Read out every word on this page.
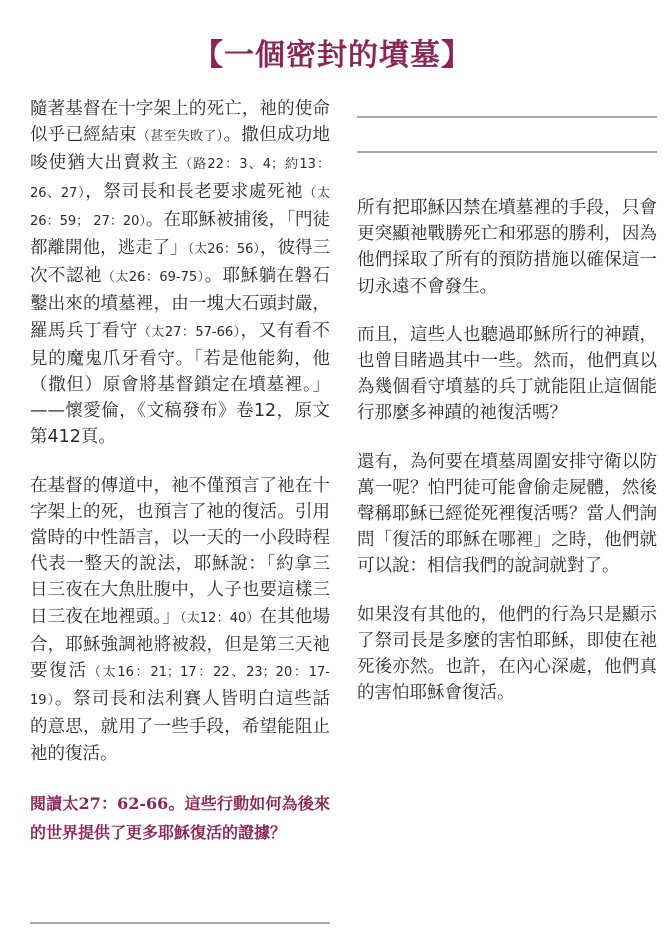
【一個密封的墳墓】

隨著基督在十字架上的死亡，祂的使命似乎已經結束（甚至失敗了）。撒但成功地唆使猶大出賣救主（路22：3、4；約13：26、27），祭司長和長老要求處死祂（太26：59； 27：20）。在耶穌被捕後，「門徒都離開他，逃走了」（太26：56），彼得三次不認祂（太26：69-75）。耶穌躺在磐石鑿出來的墳墓裡，由一塊大石頭封嚴，羅馬兵丁看守（太27：57-66），又有看不見的魔鬼爪牙看守。「若是他能夠，他（撒但）原會將基督鎖定在墳墓裡。」——懷愛倫，《文稿發布》卷12，原文第412頁。

在基督的傳道中，祂不僅預言了祂在十字架上的死，也預言了祂的復活。引用當時的中性語言，以一天的一小段時程代表一整天的說法，耶穌說：「約拿三日三夜在大魚肚腹中，人子也要這樣三日三夜在地裡頭。」（太12：40）在其他場合，耶穌強調祂將被殺，但是第三天祂要復活（太16：21；17：22、23；20：17-19）。祭司長和法利賽人皆明白這些話的意思，就用了一些手段，希望能阻止祂的復活。

閱讀太27：62-66。這些行動如何為後來的世界提供了更多耶穌復活的證據？

所有把耶穌囚禁在墳墓裡的手段，只會更突顯祂戰勝死亡和邪惡的勝利，因為他們採取了所有的預防措施以確保這一切永遠不會發生。

而且，這些人也聽過耶穌所行的神蹟，也曾目睹過其中一些。然而，他們真以為幾個看守墳墓的兵丁就能阻止這個能行那麼多神蹟的祂復活嗎？

還有，為何要在墳墓周圍安排守衛以防萬一呢？怕門徒可能會偷走屍體，然後聲稱耶穌已經從死裡復活嗎？當人們詢問「復活的耶穌在哪裡」之時，他們就可以說：相信我們的說詞就對了。

如果沒有其他的，他們的行為只是顯示了祭司長是多麼的害怕耶穌，即使在祂死後亦然。也許，在內心深處，他們真的害怕耶穌會復活。
